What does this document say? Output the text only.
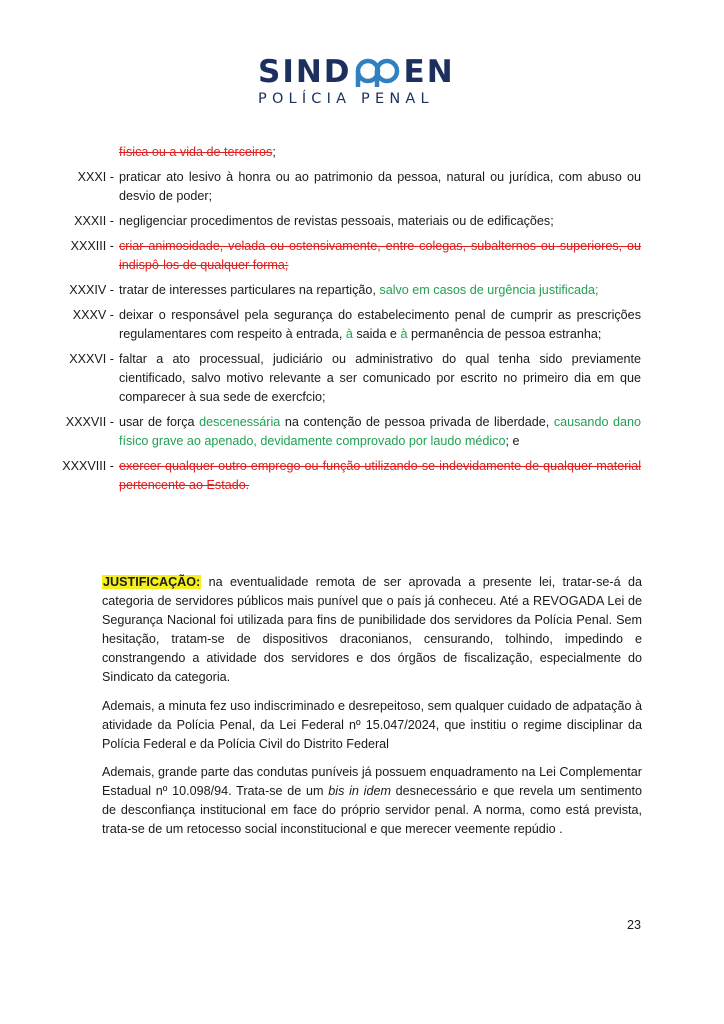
SIND EN
POLÍCIA PENAL
física ou a vida de terceiros;
XXXI - praticar ato lesivo à honra ou ao patrimonio da pessoa, natural ou jurídica, com abuso ou desvio de poder;
XXXII - negligenciar procedimentos de revistas pessoais, materiais ou de edificações;
XXXIII - criar animosidade, velada ou ostensivamente, entre colegas, subalternos ou superiores, ou indispô-los de qualquer forma;
XXXIV - tratar de interesses particulares na repartição, salvo em casos de urgência justificada;
XXXV - deixar o responsável pela segurança do estabelecimento penal de cumprir as prescrições regulamentares com respeito à entrada, à saida e à permanência de pessoa estranha;
XXXVI - faltar a ato processual, judiciário ou administrativo do qual tenha sido previamente cientificado, salvo motivo relevante a ser comunicado por escrito no primeiro dia em que comparecer à sua sede de exercfcio;
XXXVII - usar de força descenessária na contenção de pessoa privada de liberdade, causando dano físico grave ao apenado, devidamente comprovado por laudo médico; e
XXXVIII - exercer qualquer outro emprego ou função utilizando-se indevidamente de qualquer material pertencente ao Estado.

JUSTIFICAÇÃO: na eventualidade remota de ser aprovada a presente lei, tratar-se-á da categoria de servidores públicos mais punível que o país já conheceu. Até a REVOGADA Lei de Segurança Nacional foi utilizada para fins de punibilidade dos servidores da Polícia Penal. Sem hesitação, tratam-se de dispositivos draconianos, censurando, tolhindo, impedindo e constrangendo a atividade dos servidores e dos órgãos de fiscalização, especialmente do Sindicato da categoria.

Ademais, a minuta fez uso indiscriminado e desrepeitoso, sem qualquer cuidado de adpatação à atividade da Polícia Penal, da Lei Federal nº 15.047/2024, que institiu o regime disciplinar da Polícia Federal e da Polícia Civil do Distrito Federal

Ademais, grande parte das condutas puníveis já possuem enquadramento na Lei Complementar Estadual nº 10.098/94. Trata-se de um bis in idem desnecessário e que revela um sentimento de desconfiança institucional em face do próprio servidor penal. A norma, como está prevista, trata-se de um retocesso social inconstitucional e que merecer veemente repúdio .

23
